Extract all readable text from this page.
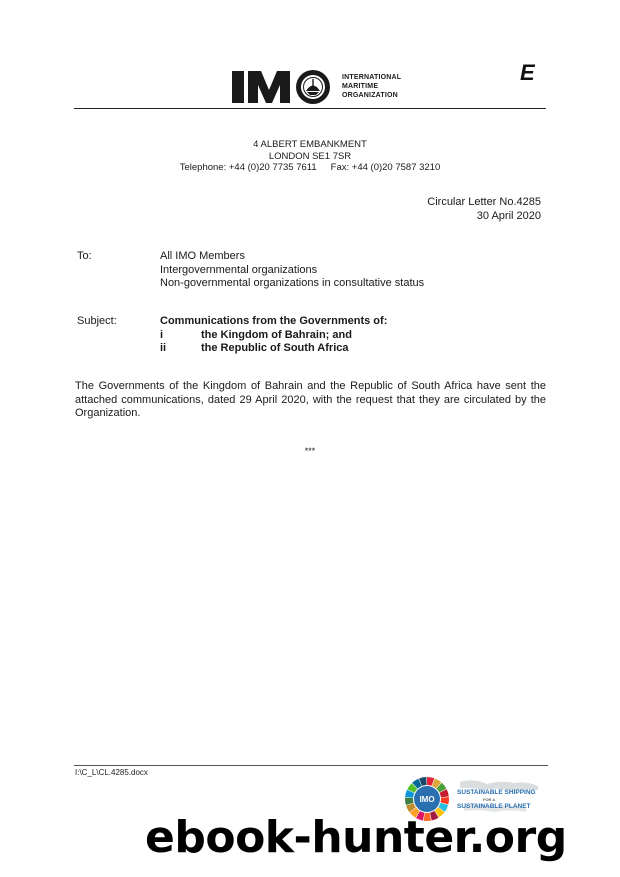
INTERNATIONAL
MARITIME
ORGANIZATION
E
4 ALBERT EMBANKMENT
LONDON SE1 7SR
Telephone: +44 (0)20 7735 7611 Fax: +44 (0)20 7587 3210
Circular Letter No.4285
30 April 2020
To:	All IMO Members
Intergovernmental organizations
Non-governmental organizations in consultative status
Subject:	Communications from the Governments of:
i	the Kingdom of Bahrain; and
ii	the Republic of South Africa
The Governments of the Kingdom of Bahrain and the Republic of South Africa have sent the attached communications, dated 29 April 2020, with the request that they are circulated by the Organization.
***
I:\C_L\CL.4285.docx
IMO
SUSTAINABLE SHIPPING
FOR A
SUSTAINABLE PLANET
ebook-hunter.org
